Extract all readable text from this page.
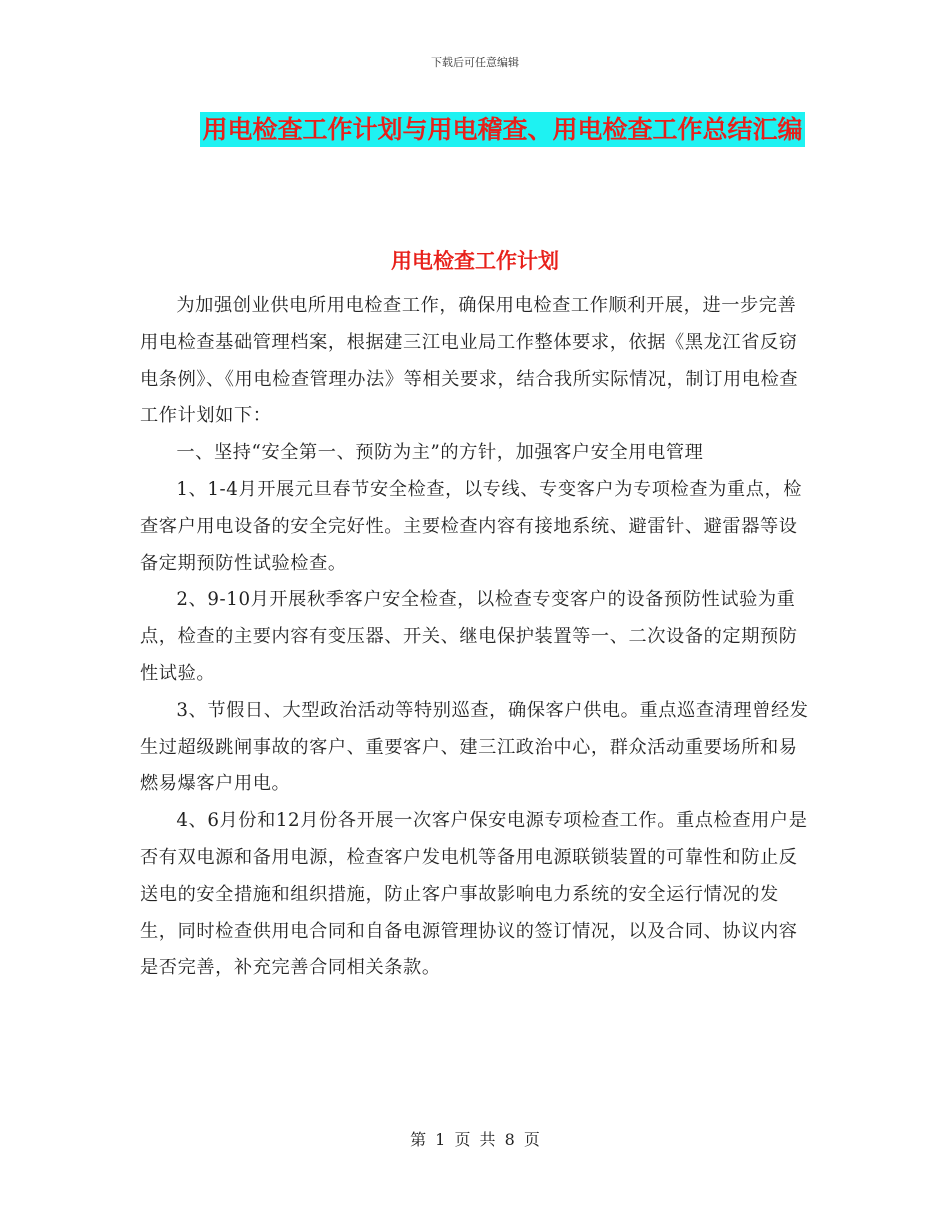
下载后可任意编辑
用电检查工作计划与用电稽查、用电检查工作总结汇编
用电检查工作计划

为加强创业供电所用电检查工作，确保用电检查工作顺利开展，进一步完善用电检查基础管理档案，根据建三江电业局工作整体要求，依据《黑龙江省反窃电条例》、《用电检查管理办法》等相关要求，结合我所实际情况，制订用电检查工作计划如下：

一、坚持“安全第一、预防为主”的方针，加强客户安全用电管理

1、1-4月开展元旦春节安全检查，以专线、专变客户为专项检查为重点，检查客户用电设备的安全完好性。主要检查内容有接地系统、避雷针、避雷器等设备定期预防性试验检查。

2、9-10月开展秋季客户安全检查，以检查专变客户的设备预防性试验为重点，检查的主要内容有变压器、开关、继电保护装置等一、二次设备的定期预防性试验。

3、节假日、大型政治活动等特别巡查，确保客户供电。重点巡查清理曾经发生过超级跳闸事故的客户、重要客户、建三江政治中心，群众活动重要场所和易燃易爆客户用电。

4、6月份和12月份各开展一次客户保安电源专项检查工作。重点检查用户是否有双电源和备用电源，检查客户发电机等备用电源联锁装置的可靠性和防止反送电的安全措施和组织措施，防止客户事故影响电力系统的安全运行情况的发生，同时检查供用电合同和自备电源管理协议的签订情况，以及合同、协议内容是否完善，补充完善合同相关条款。

第 1 页 共 8 页
